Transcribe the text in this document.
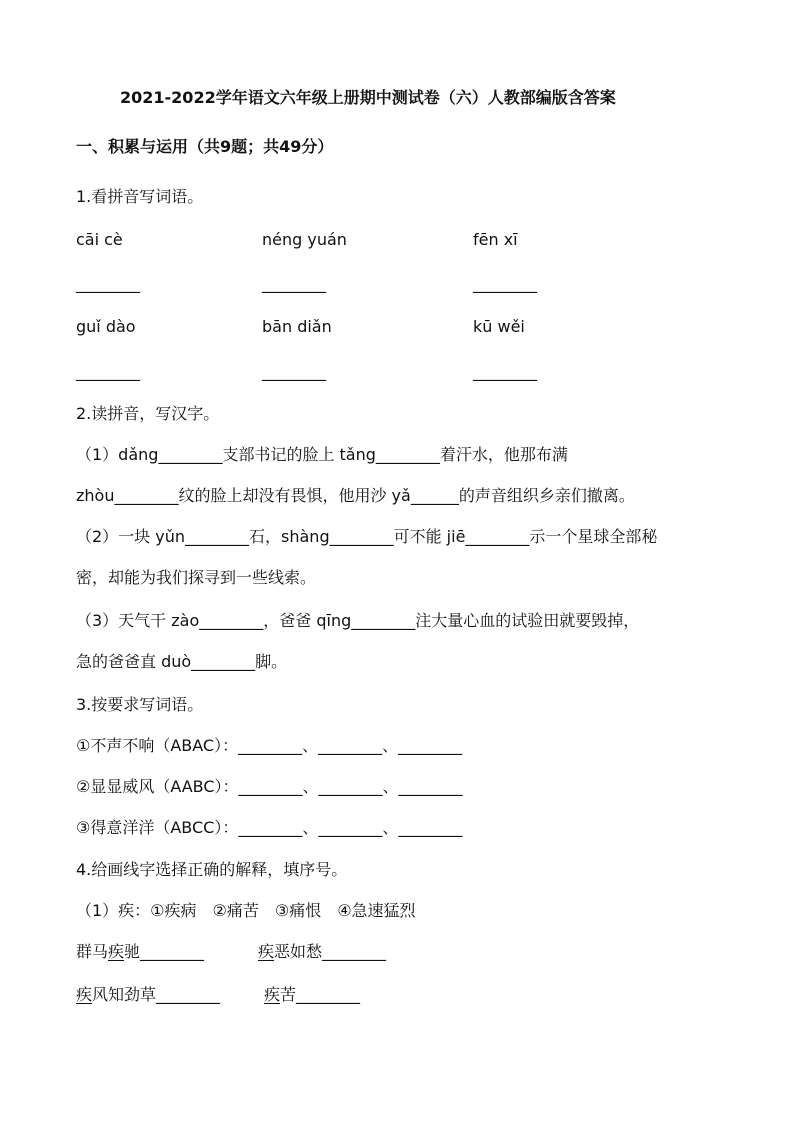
2021-2022学年语文六年级上册期中测试卷（六）人教部编版含答案
一、积累与运用（共9题；共49分）
1.看拼音写词语。
cāi cè	néng yuán	fēn xī
________	________	________
guǐ dào	bān diǎn	kū wěi
________	________	________
2.读拼音，写汉字。
（1）dǎng________支部书记的脸上 tǎng________着汗水，他那布满
zhòu________纹的脸上却没有畏惧，他用沙 yǎ______的声音组织乡亲们撤离。
（2）一块 yǔn________石，shàng________可不能 jiē________示一个星球全部秘
密，却能为我们探寻到一些线索。
（3）天气干 zào________，爸爸 qīng________注大量心血的试验田就要毁掉，
急的爸爸直 duò________脚。
3.按要求写词语。
①不声不响（ABAC）：________、________、________
②显显威风（AABC）：________、________、________
③得意洋洋（ABCC）：________、________、________
4.给画线字选择正确的解释，填序号。
（1）疾：①疾病　②痛苦　③痛恨　④急速猛烈
群马疾驰________	疾恶如愁________
疾风知劲草________	疾苦________
